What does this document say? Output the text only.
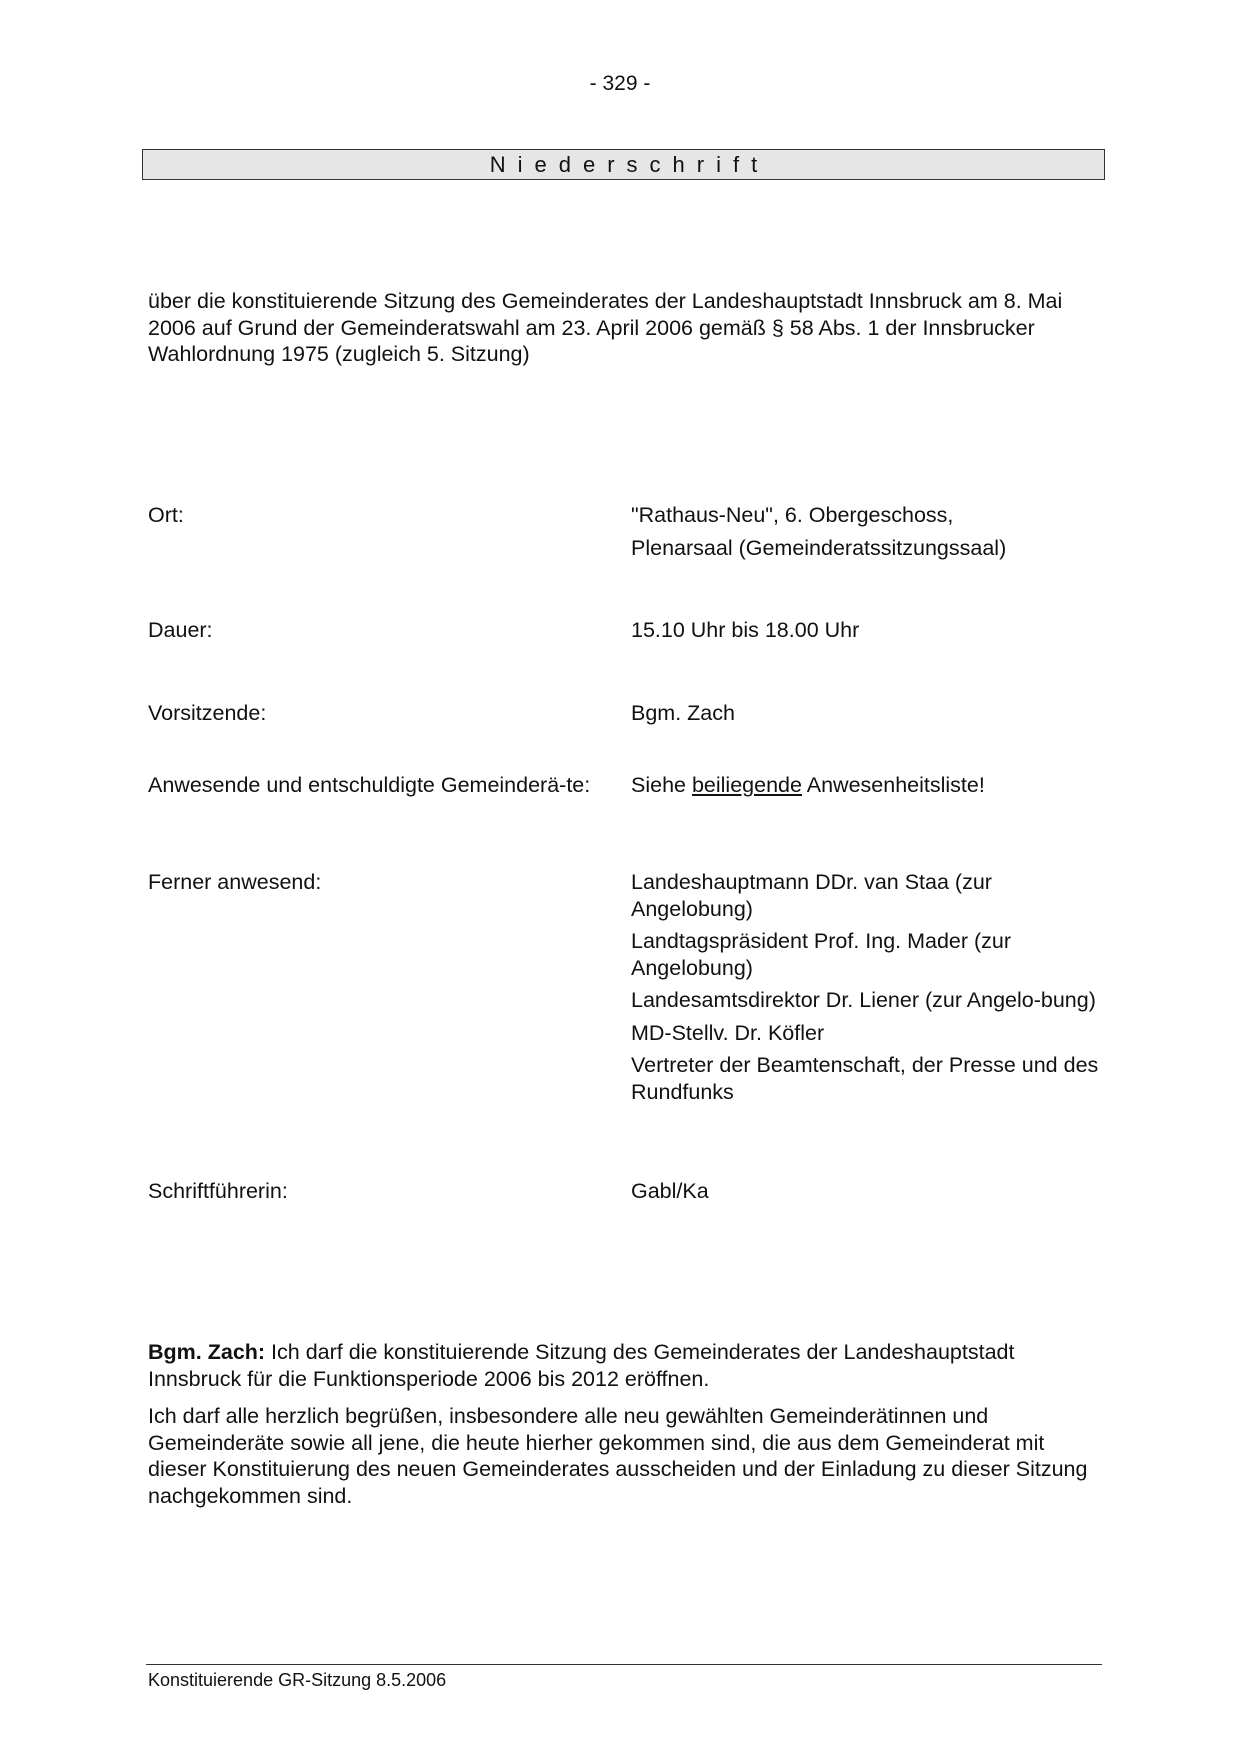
- 329 -
Niederschrift

über die konstituierende Sitzung des Gemeinderates der Landeshauptstadt Innsbruck am 8. Mai 2006 auf Grund der Gemeinderatswahl am 23. April 2006 gemäß § 58 Abs. 1 der Innsbrucker Wahlordnung 1975 (zugleich 5. Sitzung)

Ort:	"Rathaus-Neu", 6. Obergeschoss,
Plenarsaal (Gemeinderatssitzungssaal)
Dauer:	15.10 Uhr bis 18.00 Uhr
Vorsitzende:	Bgm. Zach
Anwesende und entschuldigte Gemeinderä-te:	Siehe beiliegende Anwesenheitsliste!
Ferner anwesend:	Landeshauptmann DDr. van Staa (zur Angelobung)
Landtagspräsident Prof. Ing. Mader (zur Angelobung)
Landesamtsdirektor Dr. Liener (zur Angelo-bung)
MD-Stellv. Dr. Köfler
Vertreter der Beamtenschaft, der Presse und des Rundfunks
Schriftführerin:	Gabl/Ka

Bgm. Zach: Ich darf die konstituierende Sitzung des Gemeinderates der Landeshauptstadt Innsbruck für die Funktionsperiode 2006 bis 2012 eröffnen.

Ich darf alle herzlich begrüßen, insbesondere alle neu gewählten Gemeinderätinnen und Gemeinderäte sowie all jene, die heute hierher gekommen sind, die aus dem Gemeinderat mit dieser Konstituierung des neuen Gemeinderates ausscheiden und der Einladung zu dieser Sitzung nachgekommen sind.

Konstituierende GR-Sitzung 8.5.2006
